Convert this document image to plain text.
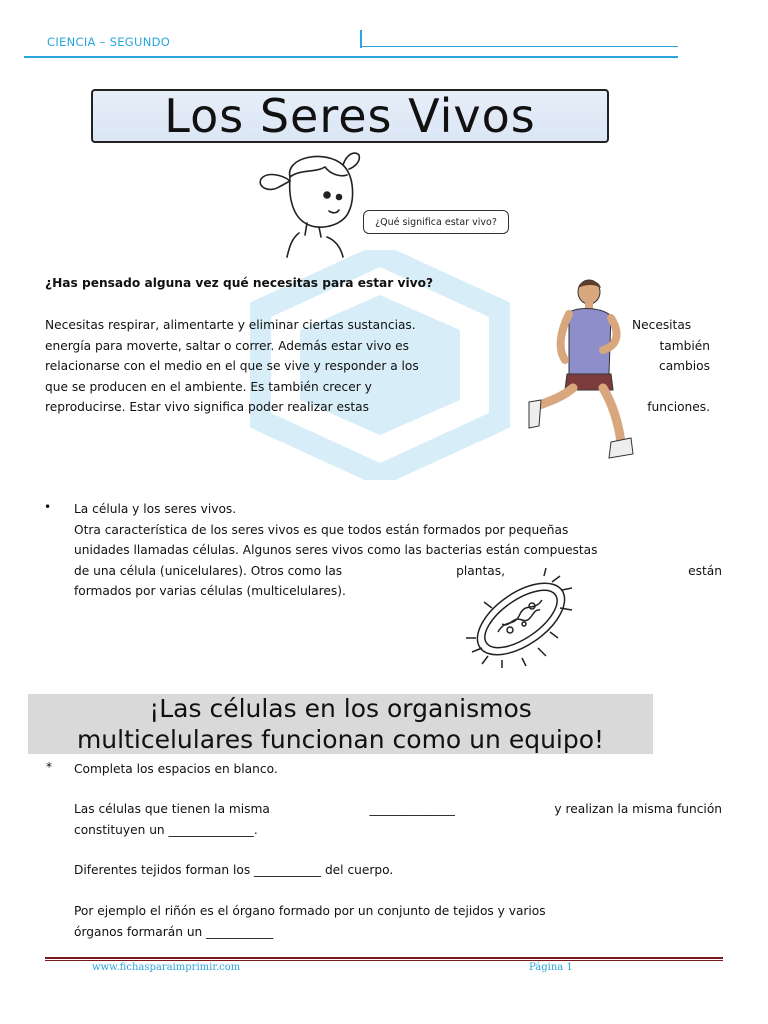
CIENCIA – SEGUNDO
Los Seres Vivos
¿Qué significa estar vivo?
¿Has pensado alguna vez qué necesitas para estar vivo?
Necesitas respirar, alimentarte y eliminar ciertas sustancias.
energía para moverte, saltar o correr. Además estar vivo es
relacionarse con el medio en el que se vive y responder a los
que se producen en el ambiente. Es también crecer y
reproducirse. Estar vivo significa poder realizar estas
Necesitas
también
cambios
funciones.
• La célula y los seres vivos.
Otra característica de los seres vivos es que todos están formados por pequeñas
unidades llamadas células. Algunos seres vivos como las bacterias están compuestas
de una célula (unicelulares). Otros como las	plantas,	están
formados por varias células (multicelulares).
¡Las células en los organismos
multicelulares funcionan como un equipo!
* Completa los espacios en blanco.
Las células que tienen la misma	______________	y realizan la misma función
constituyen un ______________.
Diferentes tejidos forman los ___________ del cuerpo.
Por ejemplo el riñón es el órgano formado por un conjunto de tejidos y varios
órganos formarán un ___________
www.fichasparaimprimir.com	Página 1
